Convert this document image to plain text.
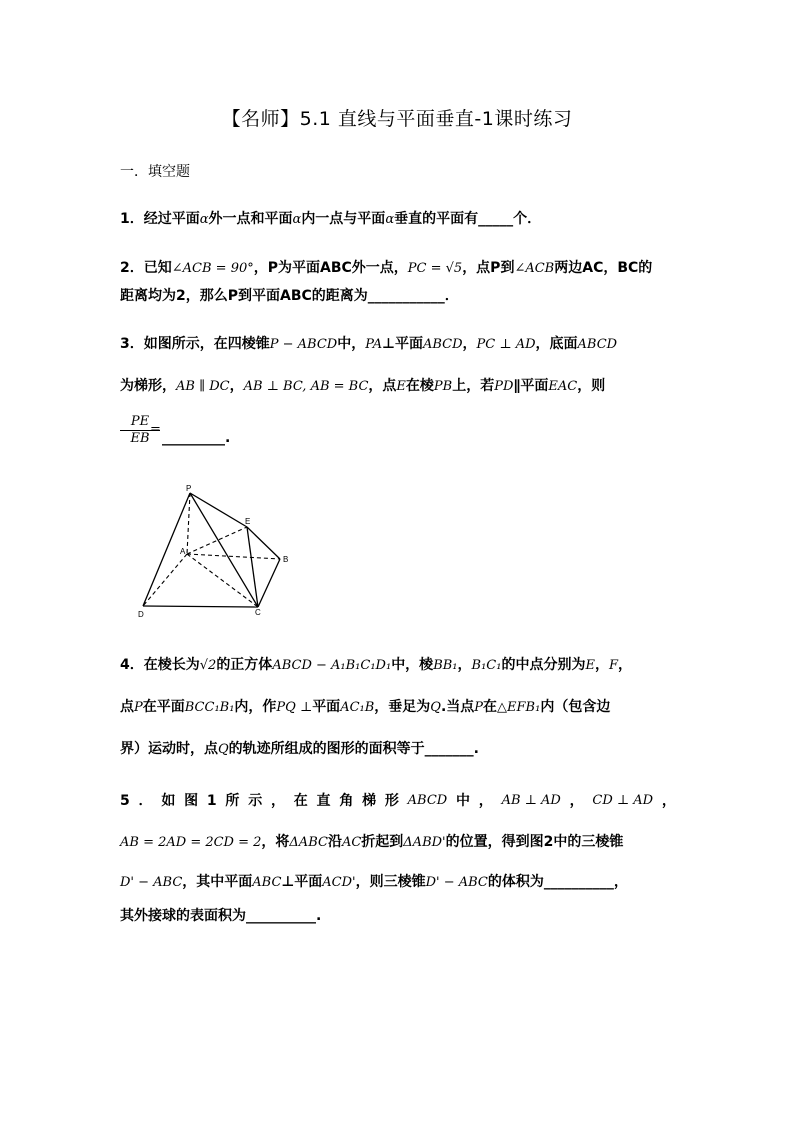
【名师】5.1 直线与平面垂直-1课时练习
一．填空题
1．经过平面α外一点和平面α内一点与平面α垂直的平面有_____个．
2．已知∠ACB = 90°，P为平面ABC外一点，PC = √5，点P到∠ACB两边AC，BC的
距离均为2，那么P到平面ABC的距离为___________．
3．如图所示，在四棱锥P − ABCD中，PA⊥平面ABCD，PC ⊥ AD，底面ABCD
为梯形，AB ∥ DC，AB ⊥ BC, AB = BC，点E在棱PB上，若PD∥平面EAC，则
PE
EB
=
_________.
P
E
A
B
C
D
4．在棱长为√2的正方体ABCD − A₁B₁C₁D₁中，棱BB₁，B₁C₁的中点分别为E，F，
点P在平面BCC₁B₁内，作PQ ⊥平面AC₁B，垂足为Q.当点P在△EFB₁内（包含边
界）运动时，点Q的轨迹所组成的图形的面积等于_______.
5 ． 如 图 1 所 示 ， 在 直 角 梯 形 ABCD 中 ， AB ⊥ AD ， CD ⊥ AD ，
AB = 2AD = 2CD = 2，将ΔABC沿AC折起到ΔABD'的位置，得到图2中的三棱锥
D' − ABC，其中平面ABC⊥平面ACD'，则三棱锥D' − ABC的体积为__________，
其外接球的表面积为__________.
